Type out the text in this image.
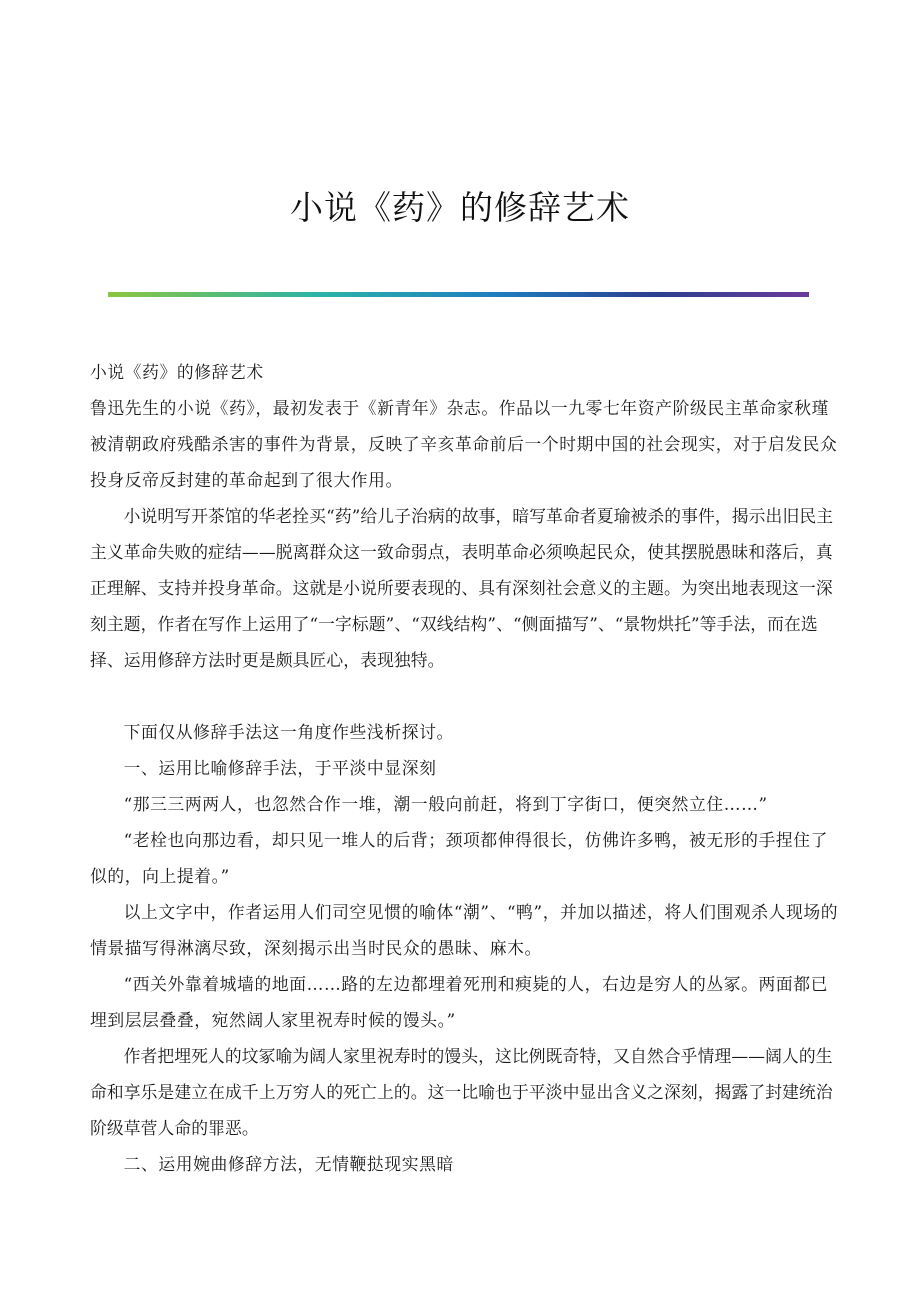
小说《药》的修辞艺术

小说《药》的修辞艺术

鲁迅先生的小说《药》，最初发表于《新青年》杂志。作品以一九零七年资产阶级民主革命家秋瑾被清朝政府残酷杀害的事件为背景，反映了辛亥革命前后一个时期中国的社会现实，对于启发民众投身反帝反封建的革命起到了很大作用。

小说明写开茶馆的华老拴买“药”给儿子治病的故事，暗写革命者夏瑜被杀的事件，揭示出旧民主主义革命失败的症结——脱离群众这一致命弱点，表明革命必须唤起民众，使其摆脱愚昧和落后，真正理解、支持并投身革命。这就是小说所要表现的、具有深刻社会意义的主题。为突出地表现这一深刻主题，作者在写作上运用了“一字标题”、“双线结构”、“侧面描写”、“景物烘托”等手法，而在选择、运用修辞方法时更是颇具匠心，表现独特。

下面仅从修辞手法这一角度作些浅析探讨。

一、运用比喻修辞手法，于平淡中显深刻

“那三三两两人，也忽然合作一堆，潮一般向前赶，将到丁字街口，便突然立住……”

“老栓也向那边看，却只见一堆人的后背；颈项都伸得很长，仿佛许多鸭，被无形的手捏住了似的，向上提着。”

以上文字中，作者运用人们司空见惯的喻体“潮”、“鸭”，并加以描述，将人们围观杀人现场的情景描写得淋漓尽致，深刻揭示出当时民众的愚昧、麻木。

“西关外靠着城墙的地面……路的左边都埋着死刑和瘐毙的人，右边是穷人的丛冢。两面都已埋到层层叠叠，宛然阔人家里祝寿时候的馒头。”

作者把埋死人的坟冢喻为阔人家里祝寿时的馒头，这比例既奇特，又自然合乎情理——阔人的生命和享乐是建立在成千上万穷人的死亡上的。这一比喻也于平淡中显出含义之深刻，揭露了封建统治阶级草菅人命的罪恶。

二、运用婉曲修辞方法，无情鞭挞现实黑暗
